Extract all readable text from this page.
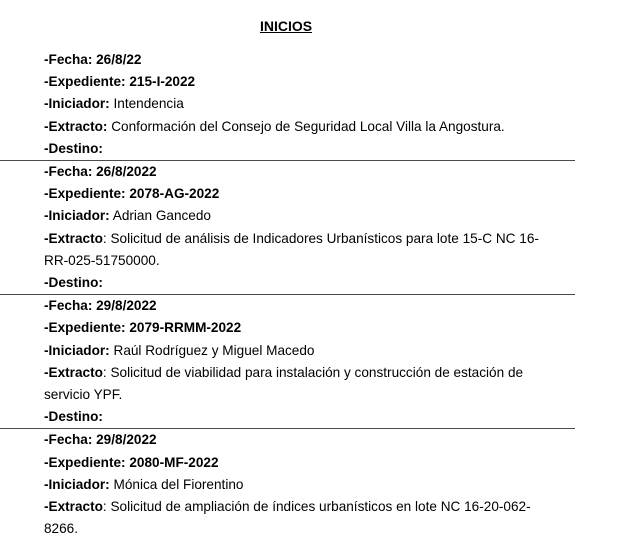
INICIOS
-Fecha: 26/8/22
-Expediente: 215-I-2022
-Iniciador: Intendencia
-Extracto: Conformación del Consejo de Seguridad Local Villa la Angostura.
-Destino:
-Fecha: 26/8/2022
-Expediente: 2078-AG-2022
-Iniciador: Adrian Gancedo
-Extracto: Solicitud de análisis de Indicadores Urbanísticos para lote 15-C NC 16-RR-025-51750000.
-Destino:
-Fecha: 29/8/2022
-Expediente: 2079-RRMM-2022
-Iniciador: Raúl Rodríguez y Miguel Macedo
-Extracto: Solicitud de viabilidad para instalación y construcción de estación de servicio YPF.
-Destino:
-Fecha: 29/8/2022
-Expediente: 2080-MF-2022
-Iniciador: Mónica del Fiorentino
-Extracto: Solicitud de ampliación de índices urbanísticos en lote NC 16-20-062-8266.
